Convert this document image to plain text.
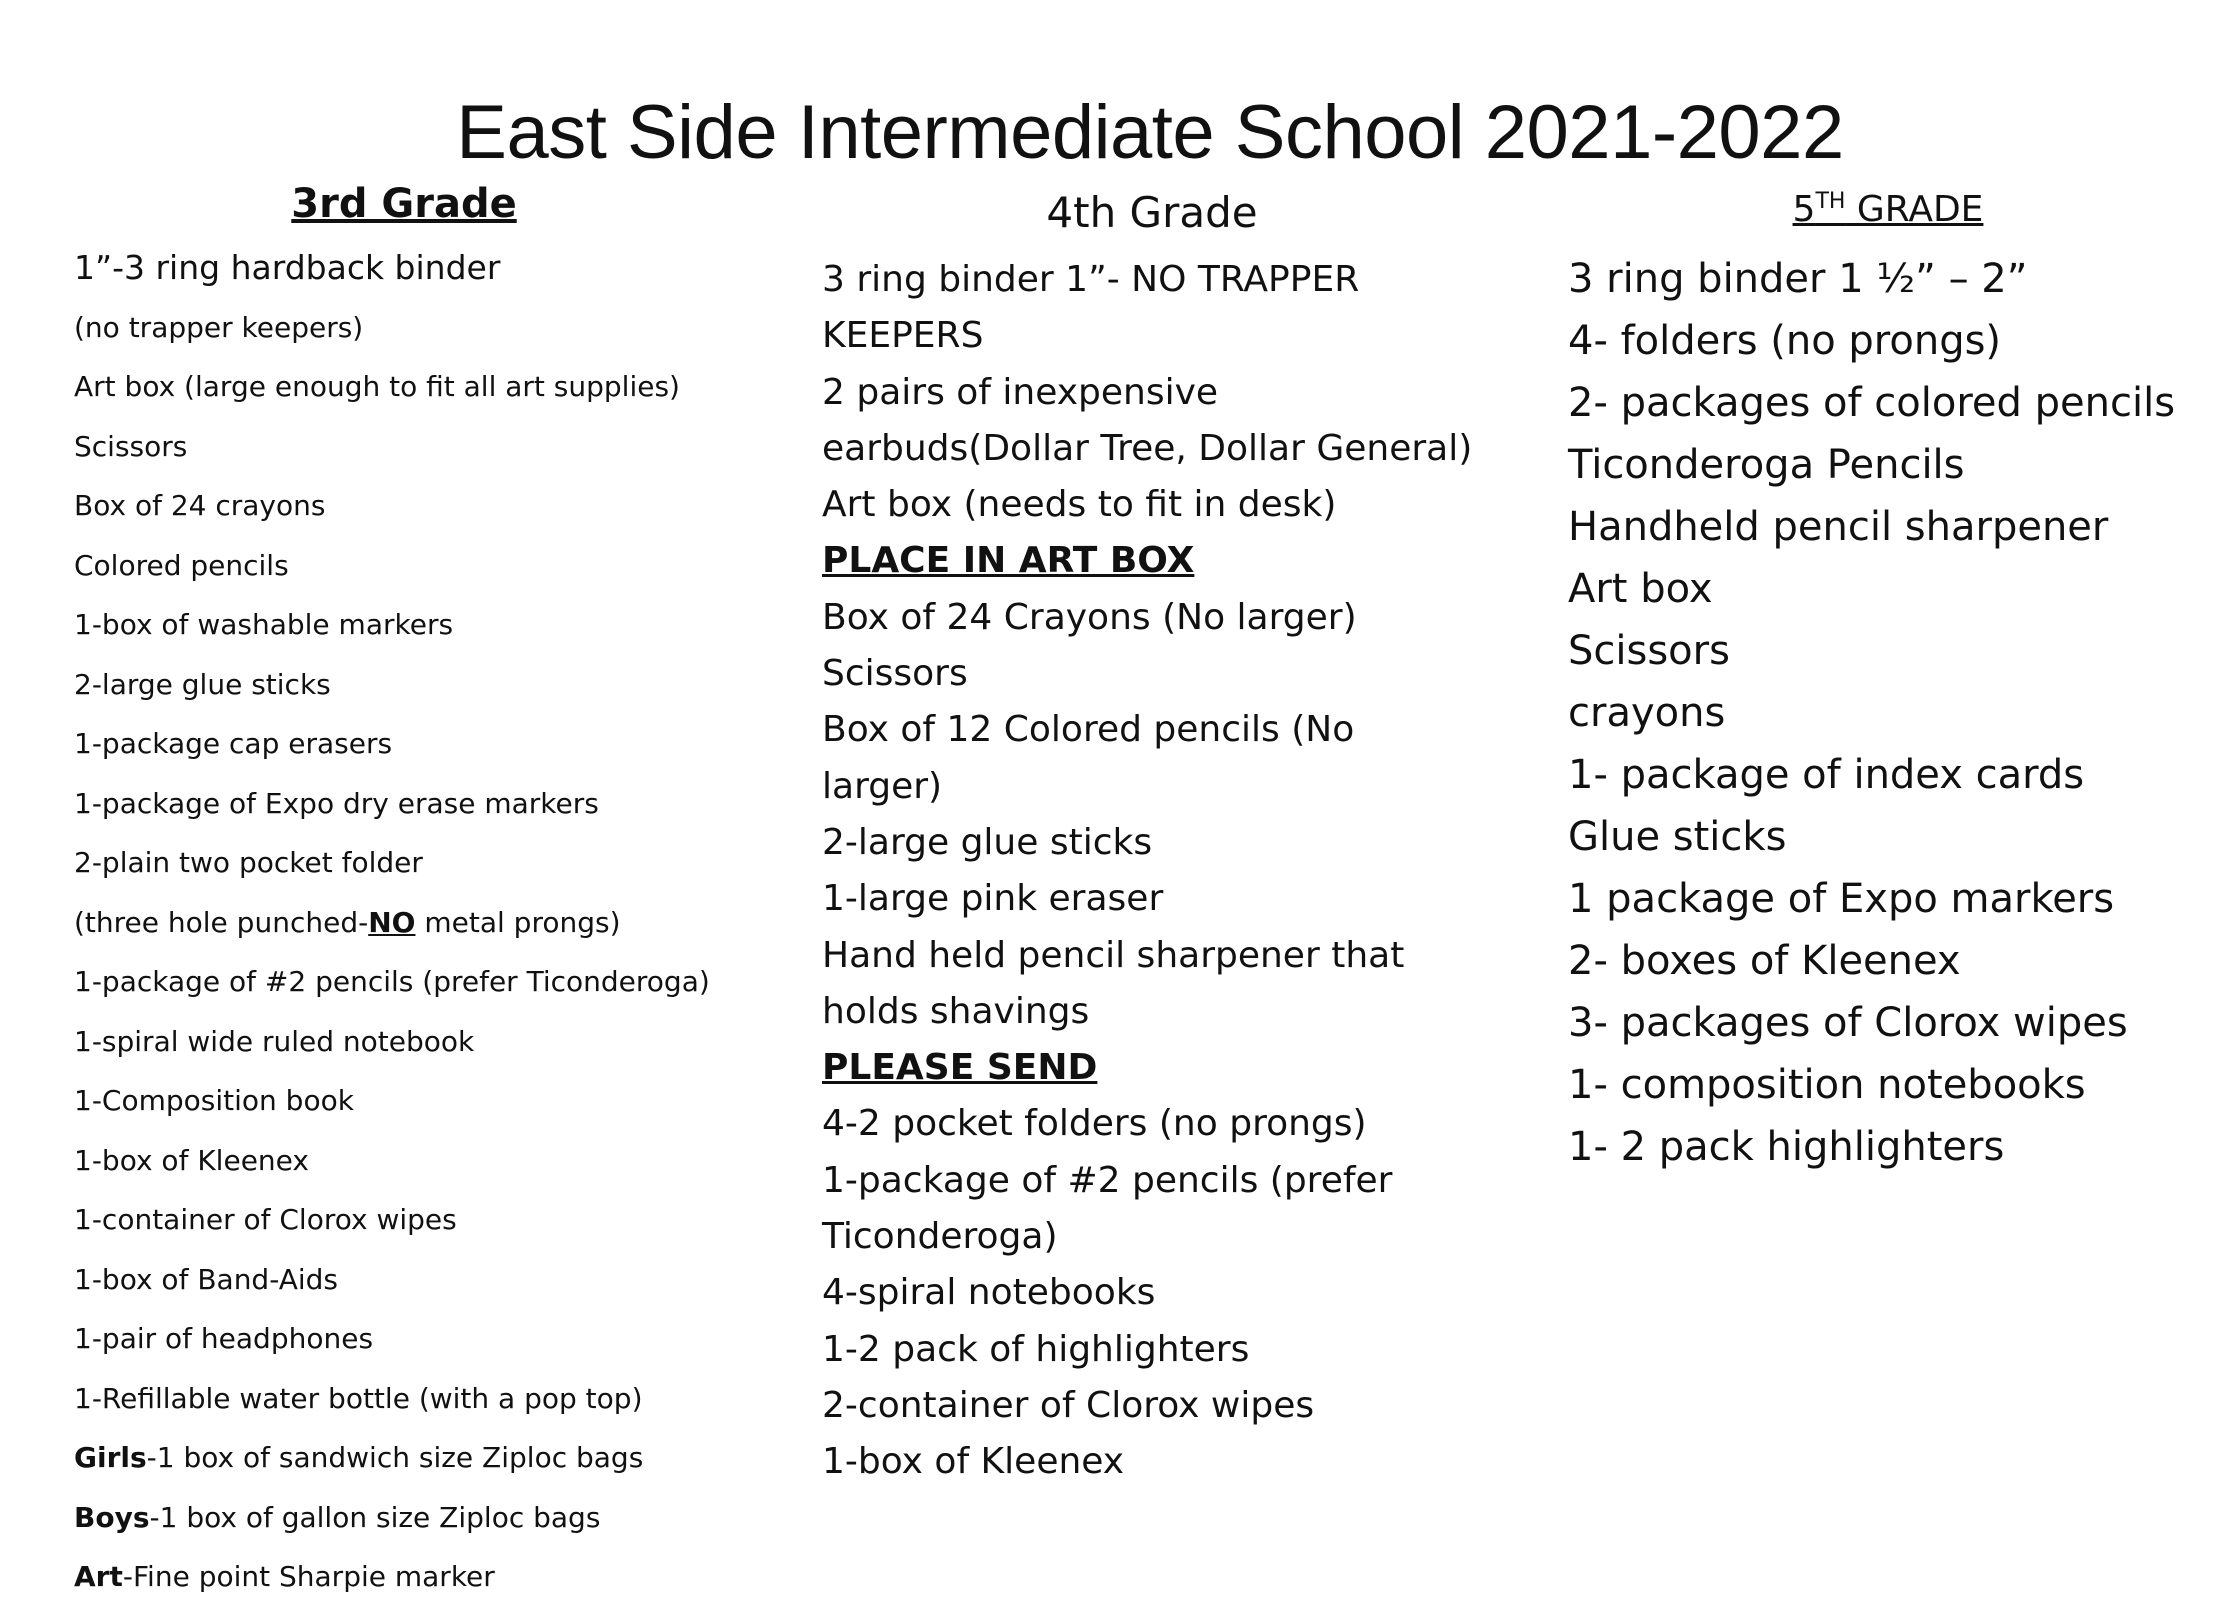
East Side Intermediate School 2021-2022
3rd Grade
1”-3 ring hardback binder
(no trapper keepers)
Art box (large enough to fit all art supplies)
Scissors
Box of 24 crayons
Colored pencils
1-box of washable markers
2-large glue sticks
1-package cap erasers
1-package of Expo dry erase markers
2-plain two pocket folder
(three hole punched-NO metal prongs)
1-package of #2 pencils (prefer Ticonderoga)
1-spiral wide ruled notebook
1-Composition book
1-box of Kleenex
1-container of Clorox wipes
1-box of Band-Aids
1-pair of headphones
1-Refillable water bottle (with a pop top)
Girls-1 box of sandwich size Ziploc bags
Boys-1 box of gallon size Ziploc bags
Art-Fine point Sharpie marker
4th Grade
3 ring binder 1”- NO TRAPPER
KEEPERS
2 pairs of inexpensive
earbuds(Dollar Tree, Dollar General)
Art box (needs to fit in desk)
PLACE IN ART BOX
Box of 24 Crayons (No larger)
Scissors
Box of 12 Colored pencils (No
larger)
2-large glue sticks
1-large pink eraser
Hand held pencil sharpener that
holds shavings
PLEASE SEND
4-2 pocket folders (no prongs)
1-package of #2 pencils (prefer
Ticonderoga)
4-spiral notebooks
1-2 pack of highlighters
2-container of Clorox wipes
1-box of Kleenex
5TH GRADE
3 ring binder 1 ½” – 2”
4- folders (no prongs)
2- packages of colored pencils
Ticonderoga Pencils
Handheld pencil sharpener
Art box
Scissors
crayons
1- package of index cards
Glue sticks
1 package of Expo markers
2- boxes of Kleenex
3- packages of Clorox wipes
1- composition notebooks
1- 2 pack highlighters
